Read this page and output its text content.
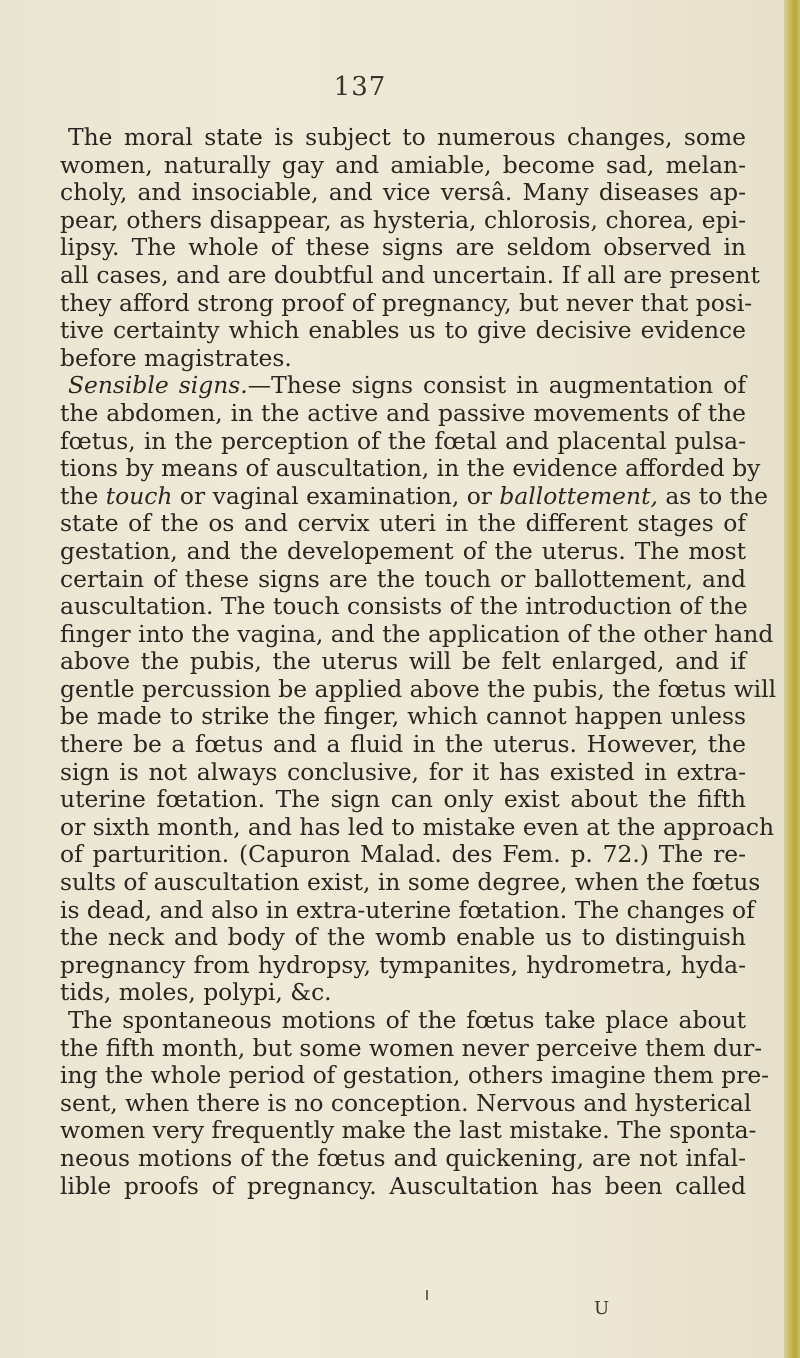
137
The moral state is subject to numerous changes, some
women, naturally gay and amiable, become sad, melan-
choly, and insociable, and vice versâ. Many diseases ap-
pear, others disappear, as hysteria, chlorosis, chorea, epi-
lipsy. The whole of these signs are seldom observed in
all cases, and are doubtful and uncertain. If all are present
they afford strong proof of pregnancy, but never that posi-
tive certainty which enables us to give decisive evidence
before magistrates.
Sensible signs.—These signs consist in augmentation of
the abdomen, in the active and passive movements of the
fœtus, in the perception of the fœtal and placental pulsa-
tions by means of auscultation, in the evidence afforded by
the touch or vaginal examination, or ballottement, as to the
state of the os and cervix uteri in the different stages of
gestation, and the developement of the uterus. The most
certain of these signs are the touch or ballottement, and
auscultation. The touch consists of the introduction of the
finger into the vagina, and the application of the other hand
above the pubis, the uterus will be felt enlarged, and if
gentle percussion be applied above the pubis, the fœtus will
be made to strike the finger, which cannot happen unless
there be a fœtus and a fluid in the uterus. However, the
sign is not always conclusive, for it has existed in extra-
uterine fœtation. The sign can only exist about the fifth
or sixth month, and has led to mistake even at the approach
of parturition. (Capuron Malad. des Fem. p. 72.) The re-
sults of auscultation exist, in some degree, when the fœtus
is dead, and also in extra-uterine fœtation. The changes of
the neck and body of the womb enable us to distinguish
pregnancy from hydropsy, tympanites, hydrometra, hyda-
tids, moles, polypi, &c.
The spontaneous motions of the fœtus take place about
the fifth month, but some women never perceive them dur-
ing the whole period of gestation, others imagine them pre-
sent, when there is no conception. Nervous and hysterical
women very frequently make the last mistake. The sponta-
neous motions of the fœtus and quickening, are not infal-
lible proofs of pregnancy. Auscultation has been called
U
